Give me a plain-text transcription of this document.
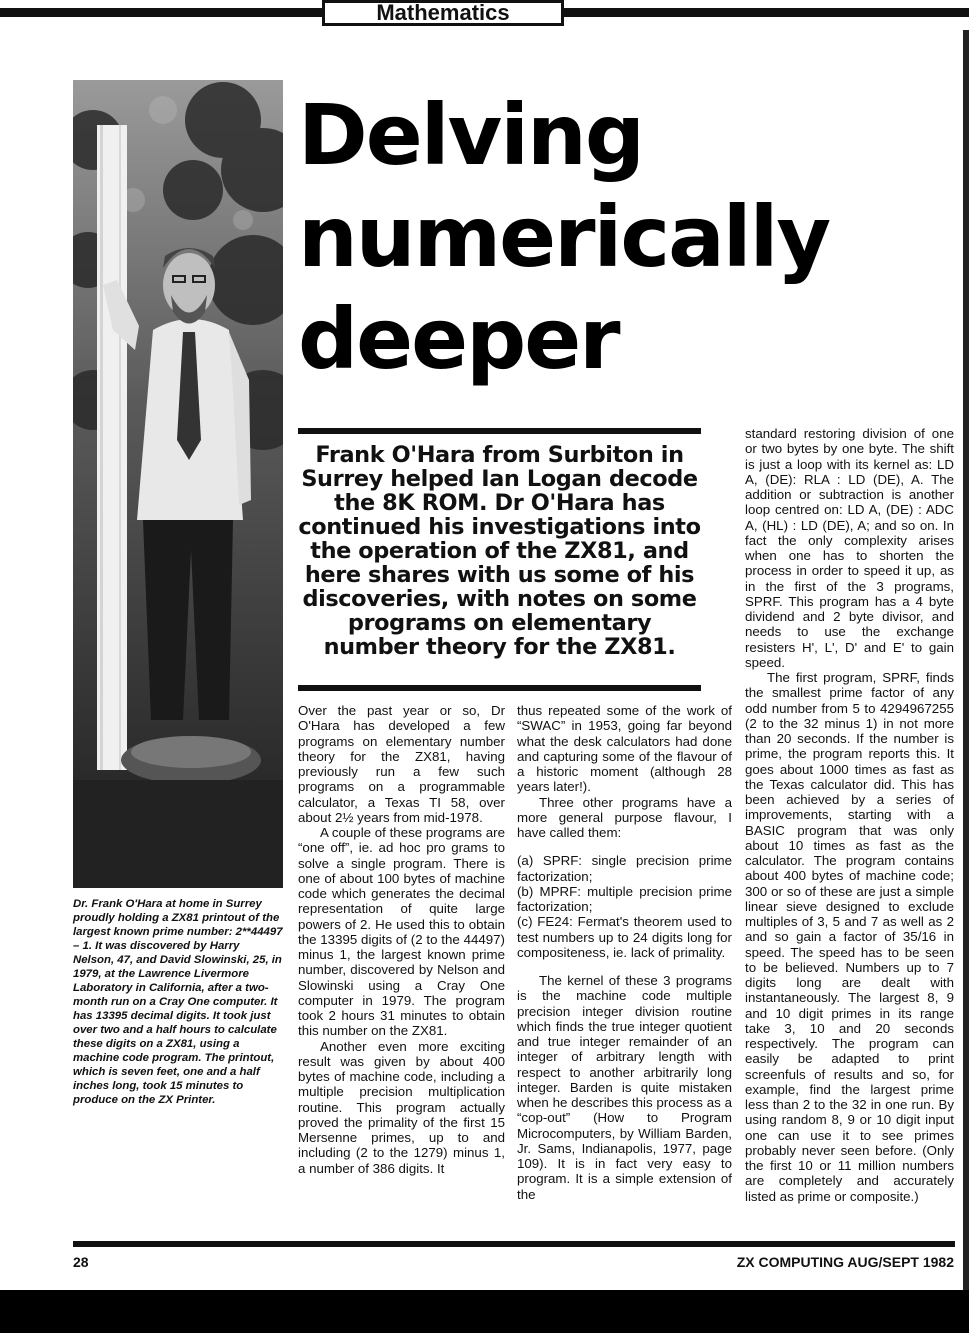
Mathematics
Dr. Frank O'Hara at home in Surrey proudly holding a ZX81 printout of the largest known prime number: 2**44497 – 1. It was discovered by Harry Nelson, 47, and David Slowinski, 25, in 1979, at the Lawrence Livermore Laboratory in California, after a two-month run on a Cray One computer. It has 13395 decimal digits. It took just over two and a half hours to calculate these digits on a ZX81, using a machine code program. The printout, which is seven feet, one and a half inches long, took 15 minutes to produce on the ZX Printer.
Delving
numerically
deeper
Frank O'Hara from Surbiton in Surrey helped Ian Logan decode the 8K ROM. Dr O'Hara has continued his investigations into the operation of the ZX81, and here shares with us some of his discoveries, with notes on some programs on elementary number theory for the ZX81.

Over the past year or so, Dr O'Hara has developed a few programs on elementary number theory for the ZX81, having previously run a few such programs on a programmable calculator, a Texas TI 58, over about 2½ years from mid-1978.

A couple of these programs are “one off”, ie. ad hoc pro grams to solve a single program. There is one of about 100 bytes of machine code which generates the decimal representation of quite large powers of 2. He used this to obtain the 13395 digits of (2 to the 44497) minus 1, the largest known prime number, discovered by Nelson and Slowinski using a Cray One computer in 1979. The program took 2 hours 31 minutes to obtain this number on the ZX81.

Another even more exciting result was given by about 400 bytes of machine code, including a multiple precision multiplication routine. This program actually proved the primality of the first 15 Mersenne primes, up to and including (2 to the 1279) minus 1, a number of 386 digits. It

thus repeated some of the work of “SWAC” in 1953, going far beyond what the desk calculators had done and capturing some of the flavour of a historic moment (although 28 years later!).

Three other programs have a more general purpose flavour, I have called them:

(a) SPRF: single precision prime factorization;

(b) MPRF: multiple precision prime factorization;

(c) FE24: Fermat's theorem used to test numbers up to 24 digits long for compositeness, ie. lack of primality.

The kernel of these 3 programs is the machine code multiple precision integer division routine which finds the true integer quotient and true integer remainder of an integer of arbitrary length with respect to another arbitrarily long integer. Barden is quite mistaken when he describes this process as a “cop-out” (How to Program Microcomputers, by William Barden, Jr. Sams, Indianapolis, 1977, page 109). It is in fact very easy to program. It is a simple extension of the

standard restoring division of one or two bytes by one byte. The shift is just a loop with its kernel as: LD A, (DE): RLA : LD (DE), A. The addition or subtraction is another loop centred on: LD A, (DE) : ADC A, (HL) : LD (DE), A; and so on. In fact the only complexity arises when one has to shorten the process in order to speed it up, as in the first of the 3 programs, SPRF. This program has a 4 byte dividend and 2 byte divisor, and needs to use the exchange resisters H', L', D' and E' to gain speed.

The first program, SPRF, finds the smallest prime factor of any odd number from 5 to 4294967255 (2 to the 32 minus 1) in not more than 20 seconds. If the number is prime, the program reports this. It goes about 1000 times as fast as the Texas calculator did. This has been achieved by a series of improvements, starting with a BASIC program that was only about 10 times as fast as the calculator. The program contains about 400 bytes of machine code; 300 or so of these are just a simple linear sieve designed to exclude multiples of 3, 5 and 7 as well as 2 and so gain a factor of 35/16 in speed. The speed has to be seen to be believed. Numbers up to 7 digits long are dealt with instantaneously. The largest 8, 9 and 10 digit primes in its range take 3, 10 and 20 seconds respectively. The program can easily be adapted to print screenfuls of results and so, for example, find the largest prime less than 2 to the 32 in one run. By using random 8, 9 or 10 digit input one can use it to see primes probably never seen before. (Only the first 10 or 11 million numbers are completely and accurately listed as prime or composite.)

28	ZX COMPUTING AUG/SEPT 1982
